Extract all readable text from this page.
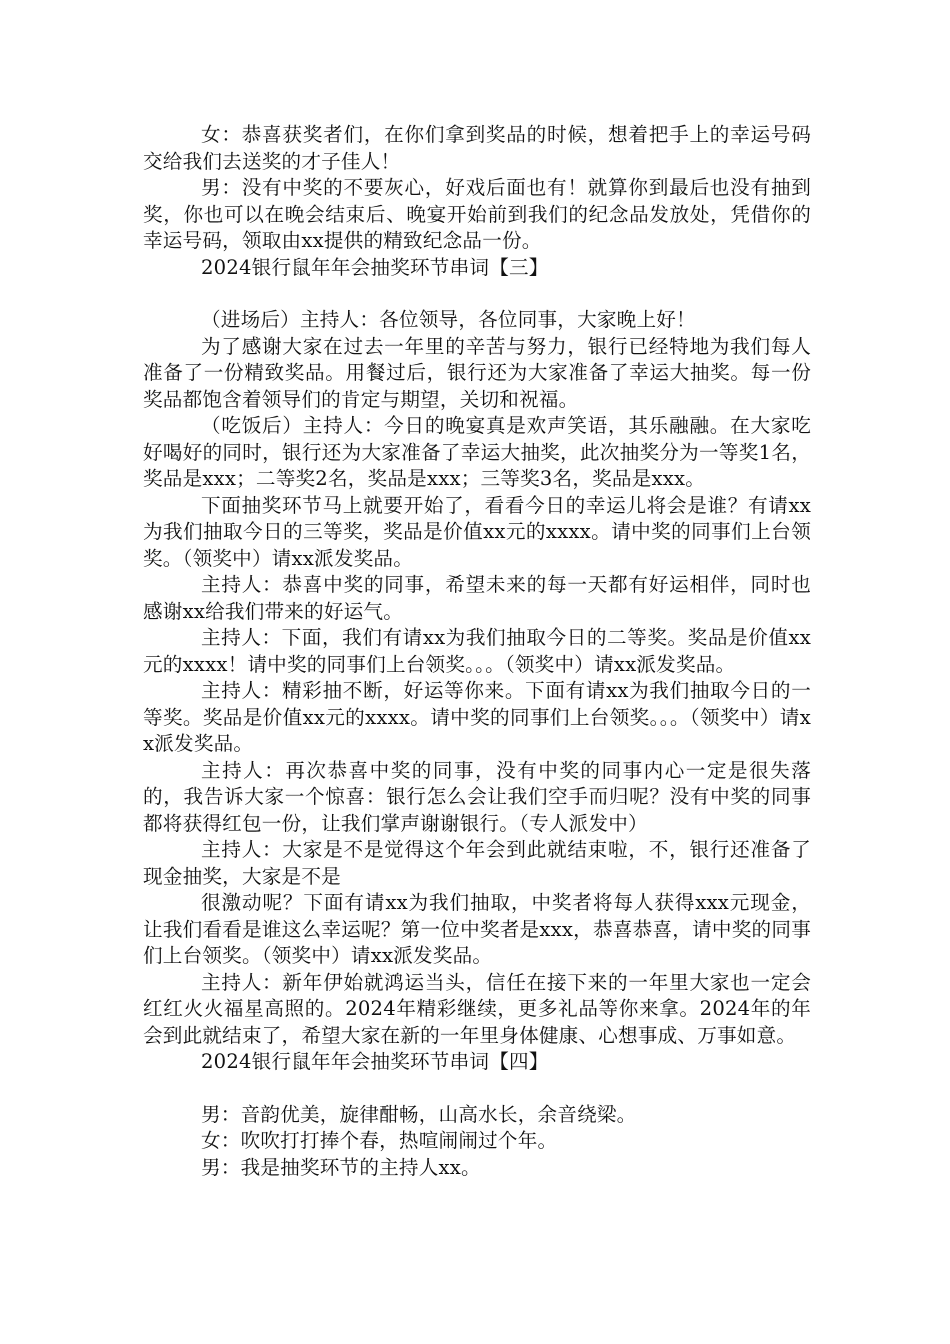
女：恭喜获奖者们，在你们拿到奖品的时候，想着把手上的幸运号码交给我们去送奖的才子佳人！

男：没有中奖的不要灰心，好戏后面也有！就算你到最后也没有抽到奖，你也可以在晚会结束后、晚宴开始前到我们的纪念品发放处，凭借你的幸运号码，领取由xx提供的精致纪念品一份。

2024银行鼠年年会抽奖环节串词【三】

（进场后）主持人：各位领导，各位同事，大家晚上好！

为了感谢大家在过去一年里的辛苦与努力，银行已经特地为我们每人准备了一份精致奖品。用餐过后，银行还为大家准备了幸运大抽奖。每一份奖品都饱含着领导们的肯定与期望，关切和祝福。

（吃饭后）主持人：今日的晚宴真是欢声笑语，其乐融融。在大家吃好喝好的同时，银行还为大家准备了幸运大抽奖，此次抽奖分为一等奖1名，奖品是xxx；二等奖2名，奖品是xxx；三等奖3名，奖品是xxx。

下面抽奖环节马上就要开始了，看看今日的幸运儿将会是谁？有请xx为我们抽取今日的三等奖，奖品是价值xx元的xxxx。请中奖的同事们上台领奖。（领奖中）请xx派发奖品。

主持人：恭喜中奖的同事，希望未来的每一天都有好运相伴，同时也感谢xx给我们带来的好运气。

主持人：下面，我们有请xx为我们抽取今日的二等奖。奖品是价值xx元的xxxx！请中奖的同事们上台领奖。。。（领奖中）请xx派发奖品。

主持人：精彩抽不断，好运等你来。下面有请xx为我们抽取今日的一等奖。奖品是价值xx元的xxxx。请中奖的同事们上台领奖。。。（领奖中）请xx派发奖品。

主持人：再次恭喜中奖的同事，没有中奖的同事内心一定是很失落的，我告诉大家一个惊喜：银行怎么会让我们空手而归呢？没有中奖的同事都将获得红包一份，让我们掌声谢谢银行。（专人派发中）

主持人：大家是不是觉得这个年会到此就结束啦，不，银行还准备了现金抽奖，大家是不是

很激动呢？下面有请xx为我们抽取，中奖者将每人获得xxx元现金，让我们看看是谁这么幸运呢？第一位中奖者是xxx，恭喜恭喜，请中奖的同事们上台领奖。（领奖中）请xx派发奖品。

主持人：新年伊始就鸿运当头，信任在接下来的一年里大家也一定会红红火火福星高照的。2024年精彩继续，更多礼品等你来拿。2024年的年会到此就结束了，希望大家在新的一年里身体健康、心想事成、万事如意。

2024银行鼠年年会抽奖环节串词【四】

男：音韵优美，旋律酣畅，山高水长，余音绕梁。

女：吹吹打打捧个春，热喧闹闹过个年。

男：我是抽奖环节的主持人xx。
